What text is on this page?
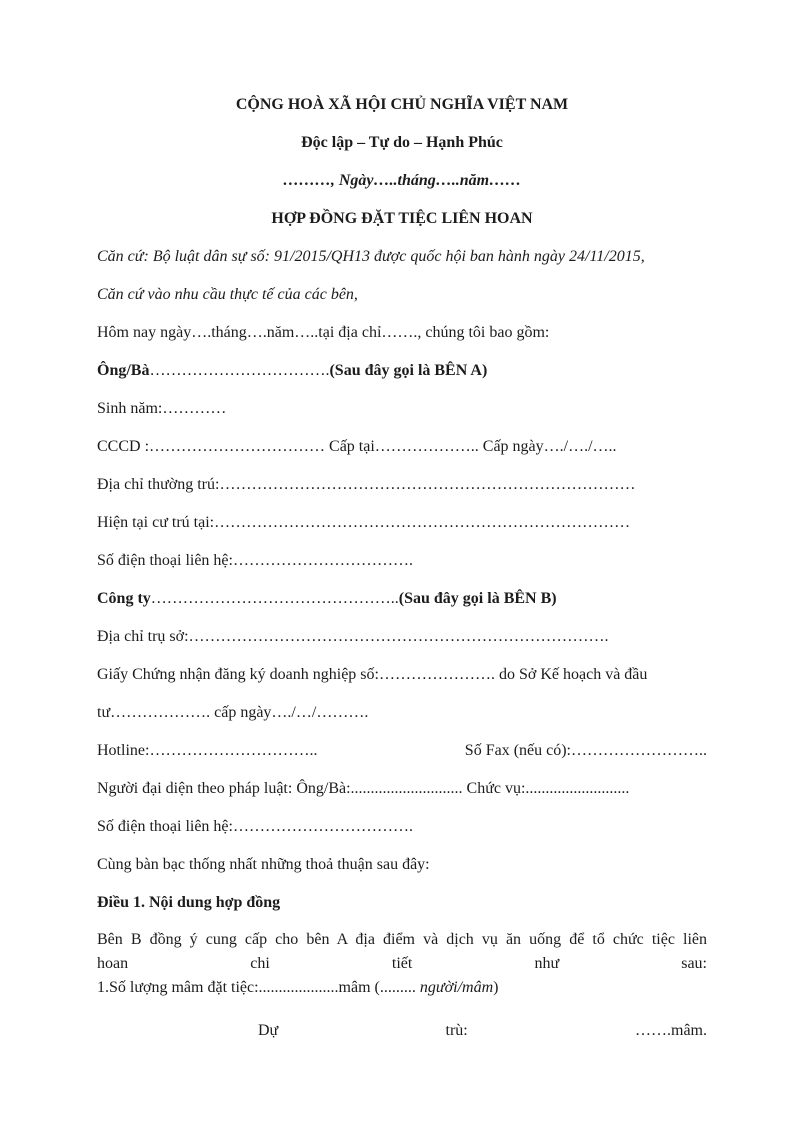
CỘNG HOÀ XÃ HỘI CHỦ NGHĨA VIỆT NAM

Độc lập – Tự do – Hạnh Phúc

………, Ngày…..tháng…..năm……

HỢP ĐỒNG ĐẶT TIỆC LIÊN HOAN

Căn cứ: Bộ luật dân sự số: 91/2015/QH13 được quốc hội ban hành ngày 24/11/2015,

Căn cứ vào nhu cầu thực tế của các bên,

Hôm nay ngày….tháng….năm…..tại địa chỉ……., chúng tôi bao gồm:

Ông/Bà…………………………….(Sau đây gọi là BÊN A)

Sinh năm:…………

CCCD :…………………………… Cấp tại……………….. Cấp ngày…./…./…..

Địa chỉ thường trú:……………………………………………………………………

Hiện tại cư trú tại:……………………………………………………………………

Số điện thoại liên hệ:…………………………….

Công ty………………………………………..(Sau đây gọi là BÊN B)

Địa chỉ trụ sở:…………………………………………………………………….

Giấy Chứng nhận đăng ký doanh nghiệp số:…………………. do Sở Kế hoạch và đầu
tư………………. cấp ngày…./…/……….

Hotline:…………………………..	Số Fax (nếu có):……………………..

Người đại diện theo pháp luật: Ông/Bà:............................ Chức vụ:..........................

Số điện thoại liên hệ:…………………………….

Cùng bàn bạc thống nhất những thoả thuận sau đây:

Điều 1. Nội dung hợp đồng

Bên B đồng ý cung cấp cho bên A địa điểm và dịch vụ ăn uống để tổ chức tiệc liên
hoan chi tiết như sau:
1.Số lượng mâm đặt tiệc:....................mâm (......... người/mâm)
Dự trù: …….mâm.
